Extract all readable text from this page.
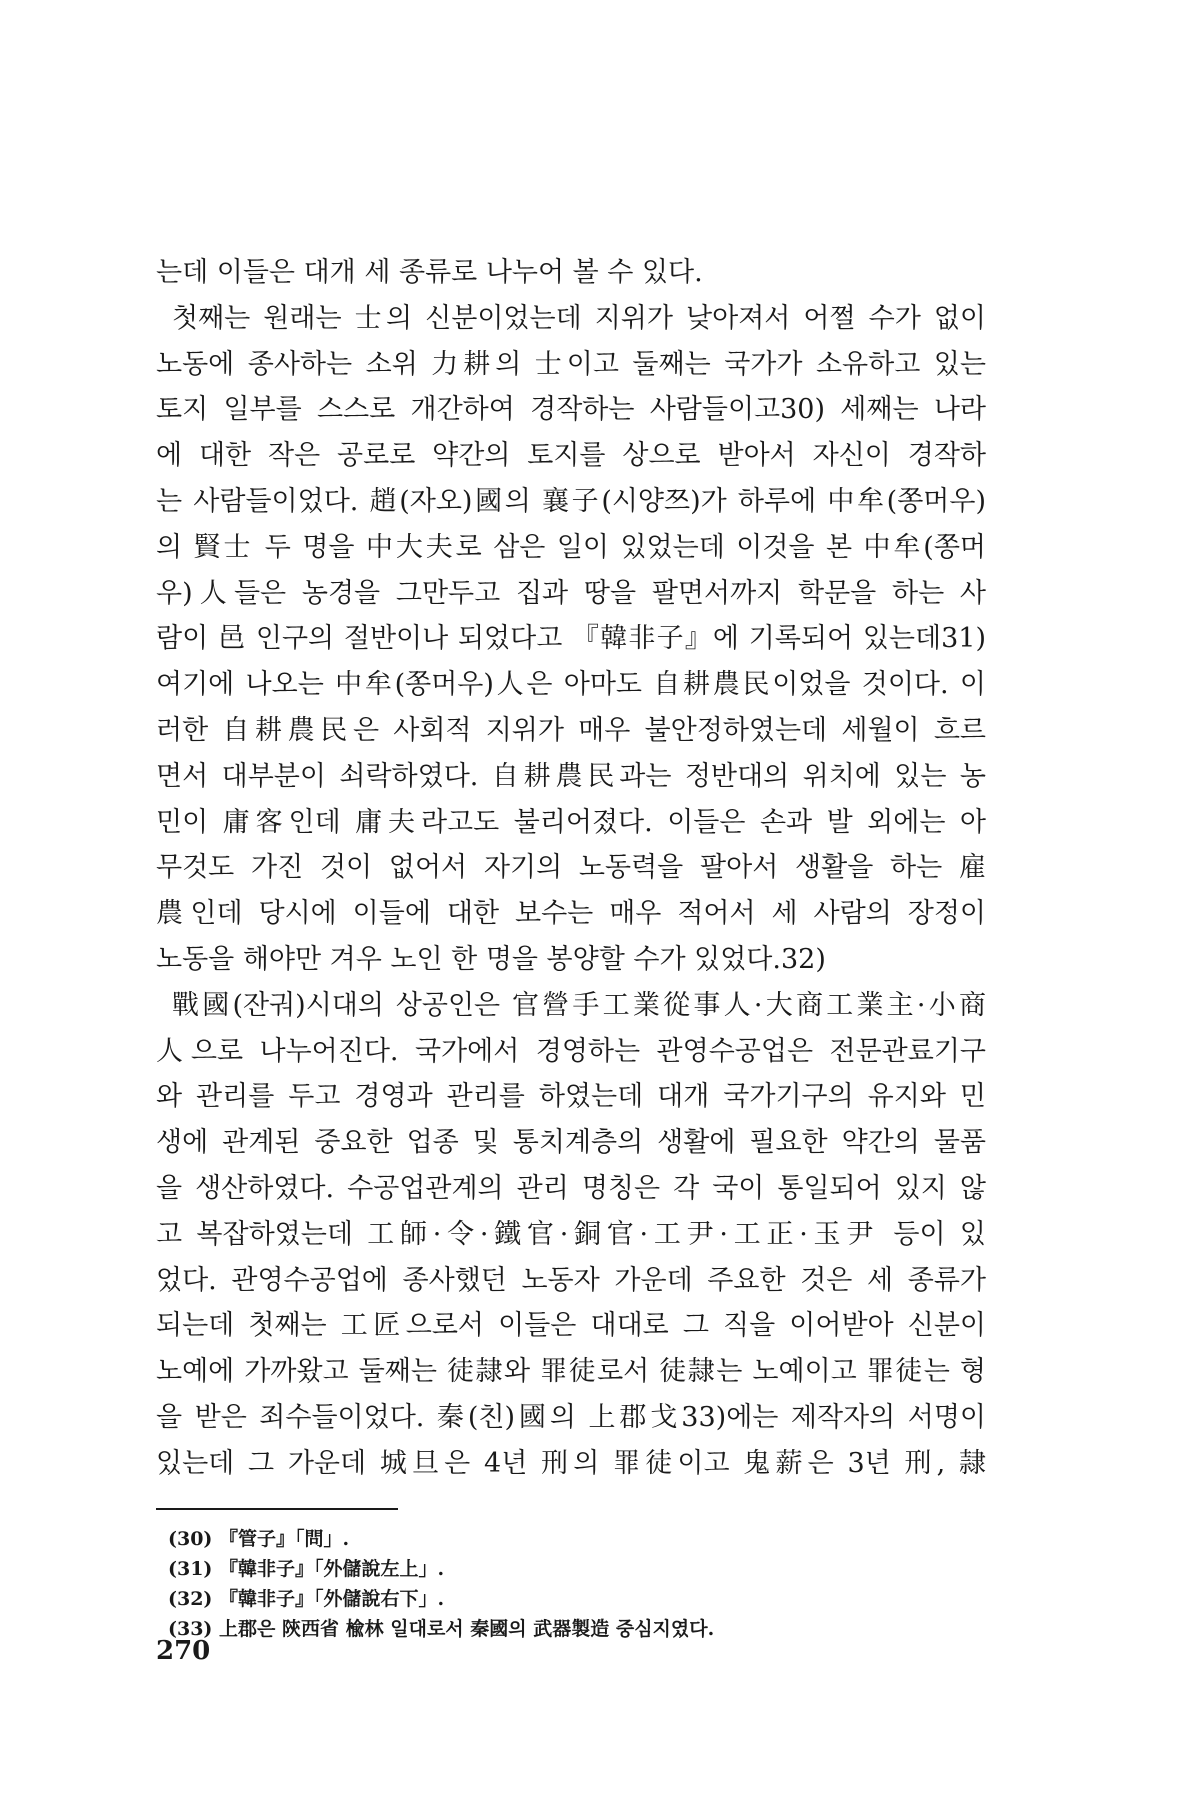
는데 이들은 대개 세 종류로 나누어 볼 수 있다.
첫째는 원래는 士의 신분이었는데 지위가 낮아져서 어쩔 수가 없이
노동에 종사하는 소위 力耕의 士이고 둘째는 국가가 소유하고 있는
토지 일부를 스스로 개간하여 경작하는 사람들이고30) 세째는 나라
에 대한 작은 공로로 약간의 토지를 상으로 받아서 자신이 경작하
는 사람들이었다. 趙(자오)國의 襄子(시양쯔)가 하루에 中牟(쫑머우)
의 賢士 두 명을 中大夫로 삼은 일이 있었는데 이것을 본 中牟(쫑머
우)人들은 농경을 그만두고 집과 땅을 팔면서까지 학문을 하는 사
람이 邑 인구의 절반이나 되었다고 『韓非子』에 기록되어 있는데31)
여기에 나오는 中牟(쫑머우)人은 아마도 自耕農民이었을 것이다. 이
러한 自耕農民은 사회적 지위가 매우 불안정하였는데 세월이 흐르
면서 대부분이 쇠락하였다. 自耕農民과는 정반대의 위치에 있는 농
민이 庸客인데 庸夫라고도 불리어졌다. 이들은 손과 발 외에는 아
무것도 가진 것이 없어서 자기의 노동력을 팔아서 생활을 하는 雇
農인데 당시에 이들에 대한 보수는 매우 적어서 세 사람의 장정이
노동을 해야만 겨우 노인 한 명을 봉양할 수가 있었다.32)
戰國(잔궈)시대의 상공인은 官營手工業從事人·大商工業主·小商
人으로 나누어진다. 국가에서 경영하는 관영수공업은 전문관료기구
와 관리를 두고 경영과 관리를 하였는데 대개 국가기구의 유지와 민
생에 관계된 중요한 업종 및 통치계층의 생활에 필요한 약간의 물품
을 생산하였다. 수공업관계의 관리 명칭은 각 국이 통일되어 있지 않
고 복잡하였는데 工師·令·鐵官·銅官·工尹·工正·玉尹 등이 있
었다. 관영수공업에 종사했던 노동자 가운데 주요한 것은 세 종류가
되는데 첫째는 工匠으로서 이들은 대대로 그 직을 이어받아 신분이
노예에 가까왔고 둘째는 徒隷와 罪徒로서 徒隷는 노예이고 罪徒는 형
을 받은 죄수들이었다. 秦(친)國의 上郡戈33)에는 제작자의 서명이
있는데 그 가운데 城旦은 4년 刑의 罪徒이고 鬼薪은 3년 刑, 隷
(30) 『管子』「問」.
(31) 『韓非子』「外儲說左上」.
(32) 『韓非子』「外儲說右下」.
(33) 上郡은 陝西省 楡林 일대로서 秦國의 武器製造 중심지였다.
270
